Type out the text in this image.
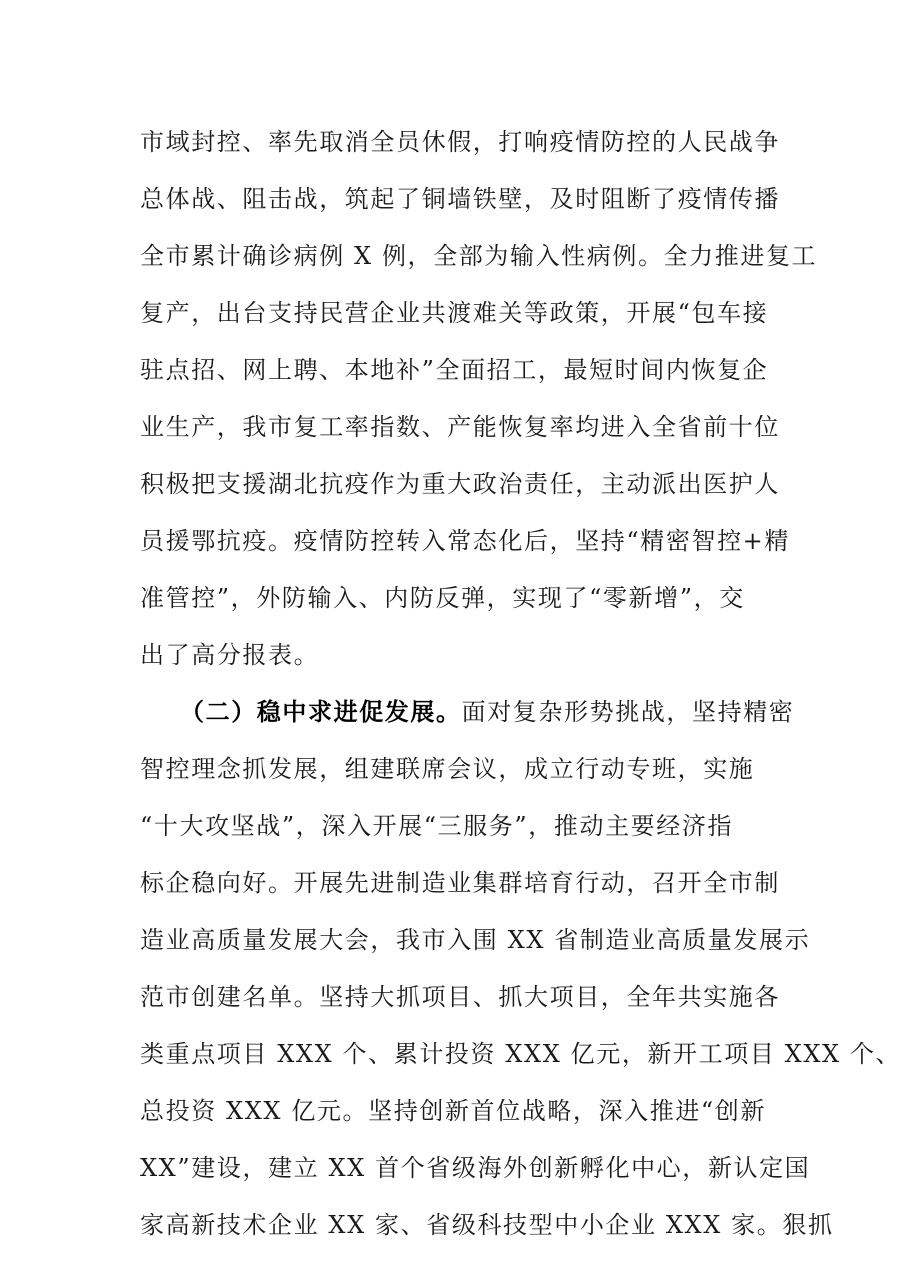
市域封控、率先取消全员休假，打响疫情防控的人民战争
总体战、阻击战，筑起了铜墙铁壁，及时阻断了疫情传播
全市累计确诊病例 X 例，全部为输入性病例。全力推进复工
复产，出台支持民营企业共渡难关等政策，开展“包车接
驻点招、网上聘、本地补”全面招工，最短时间内恢复企
业生产，我市复工率指数、产能恢复率均进入全省前十位
积极把支援湖北抗疫作为重大政治责任，主动派出医护人
员援鄂抗疫。疫情防控转入常态化后，坚持“精密智控+精
准管控”，外防输入、内防反弹，实现了“零新增”，交
出了高分报表。
（二）稳中求进促发展。面对复杂形势挑战，坚持精密
智控理念抓发展，组建联席会议，成立行动专班，实施
“十大攻坚战”，深入开展“三服务”，推动主要经济指
标企稳向好。开展先进制造业集群培育行动，召开全市制
造业高质量发展大会，我市入围 XX 省制造业高质量发展示
范市创建名单。坚持大抓项目、抓大项目，全年共实施各
类重点项目 XXX 个、累计投资 XXX 亿元，新开工项目 XXX 个、
总投资 XXX 亿元。坚持创新首位战略，深入推进“创新
XX”建设，建立 XX 首个省级海外创新孵化中心，新认定国
家高新技术企业 XX 家、省级科技型中小企业 XXX 家。狠抓
